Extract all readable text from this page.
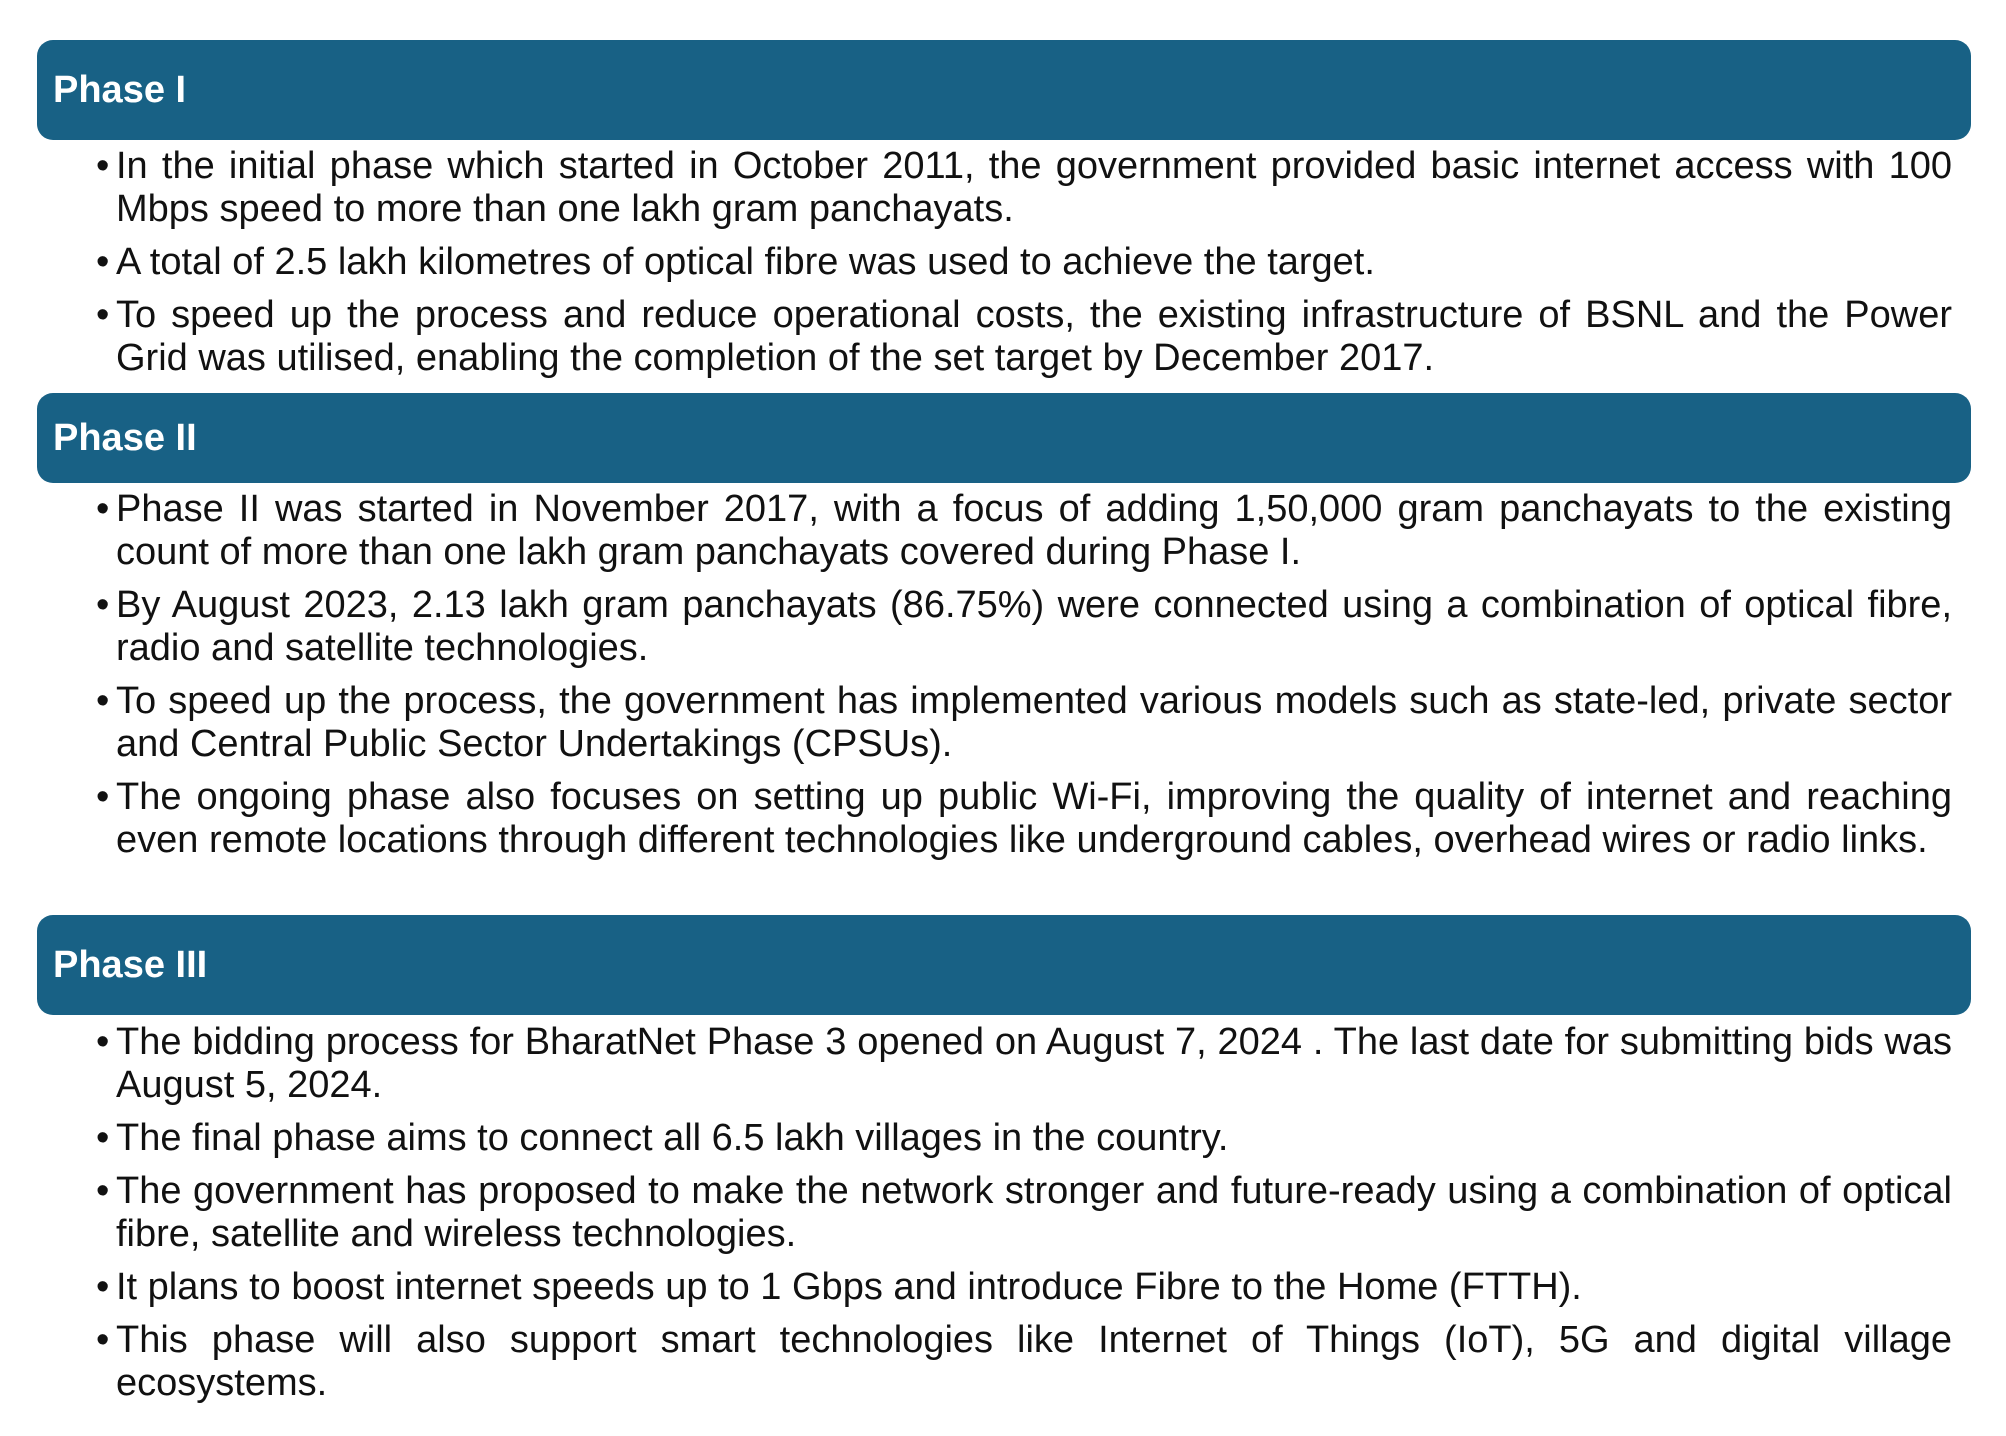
Phase I
• In the initial phase which started in October 2011, the government provided basic internet access with 100 Mbps speed to more than one lakh gram panchayats.
• A total of 2.5 lakh kilometres of optical fibre was used to achieve the target.
• To speed up the process and reduce operational costs, the existing infrastructure of BSNL and the Power Grid was utilised, enabling the completion of the set target by December 2017.
Phase II
• Phase II was started in November 2017, with a focus of adding 1,50,000 gram panchayats to the existing count of more than one lakh gram panchayats covered during Phase I.
• By August 2023, 2.13 lakh gram panchayats (86.75%) were connected using a combination of optical fibre, radio and satellite technologies.
• To speed up the process, the government has implemented various models such as state-led, private sector and Central Public Sector Undertakings (CPSUs).
• The ongoing phase also focuses on setting up public Wi-Fi, improving the quality of internet and reaching even remote locations through different technologies like underground cables, overhead wires or radio links.
Phase III
• The bidding process for BharatNet Phase 3 opened on August 7, 2024 . The last date for submitting bids was August 5, 2024.
• The final phase aims to connect all 6.5 lakh villages in the country.
• The government has proposed to make the network stronger and future-ready using a combination of optical fibre, satellite and wireless technologies.
• It plans to boost internet speeds up to 1 Gbps and introduce Fibre to the Home (FTTH).
• This phase will also support smart technologies like Internet of Things (IoT), 5G and digital village ecosystems.
